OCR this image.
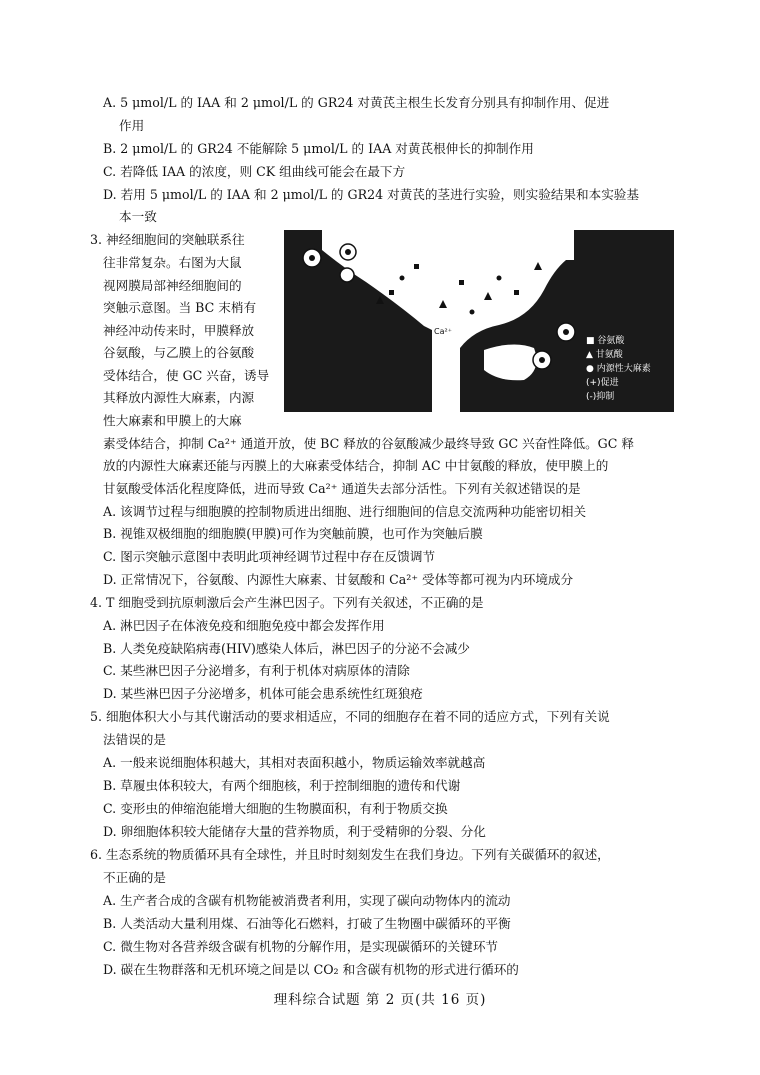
A. 5 μmol/L 的 IAA 和 2 μmol/L 的 GR24 对黄芪主根生长发育分别具有抑制作用、促进
作用
B. 2 μmol/L 的 GR24 不能解除 5 μmol/L 的 IAA 对黄芪根伸长的抑制作用
C. 若降低 IAA 的浓度，则 CK 组曲线可能会在最下方
D. 若用 5 μmol/L 的 IAA 和 2 μmol/L 的 GR24 对黄芪的茎进行实验，则实验结果和本实验基
本一致
3. 神经细胞间的突触联系往
往非常复杂。右图为大鼠
视网膜局部神经细胞间的
突触示意图。当 BC 末梢有
神经冲动传来时，甲膜释放
谷氨酸，与乙膜上的谷氨酸
受体结合，使 GC 兴奋，诱导
其释放内源性大麻素，内源
性大麻素和甲膜上的大麻
Ca²⁺
■ 谷氨酸
▲ 甘氨酸
● 内源性大麻素
(+)促进
(-)抑制
素受体结合，抑制 Ca²⁺ 通道开放，使 BC 释放的谷氨酸减少最终导致 GC 兴奋性降低。GC 释
放的内源性大麻素还能与丙膜上的大麻素受体结合，抑制 AC 中甘氨酸的释放，使甲膜上的
甘氨酸受体活化程度降低，进而导致 Ca²⁺ 通道失去部分活性。下列有关叙述错误的是
A. 该调节过程与细胞膜的控制物质进出细胞、进行细胞间的信息交流两种功能密切相关
B. 视锥双极细胞的细胞膜(甲膜)可作为突触前膜，也可作为突触后膜
C. 图示突触示意图中表明此项神经调节过程中存在反馈调节
D. 正常情况下，谷氨酸、内源性大麻素、甘氨酸和 Ca²⁺ 受体等都可视为内环境成分
4. T 细胞受到抗原刺激后会产生淋巴因子。下列有关叙述，不正确的是
A. 淋巴因子在体液免疫和细胞免疫中都会发挥作用
B. 人类免疫缺陷病毒(HIV)感染人体后，淋巴因子的分泌不会减少
C. 某些淋巴因子分泌增多，有利于机体对病原体的清除
D. 某些淋巴因子分泌增多，机体可能会患系统性红斑狼疮
5. 细胞体积大小与其代谢活动的要求相适应，不同的细胞存在着不同的适应方式，下列有关说
法错误的是
A. 一般来说细胞体积越大，其相对表面积越小，物质运输效率就越高
B. 草履虫体积较大，有两个细胞核，利于控制细胞的遗传和代谢
C. 变形虫的伸缩泡能增大细胞的生物膜面积，有利于物质交换
D. 卵细胞体积较大能储存大量的营养物质，利于受精卵的分裂、分化
6. 生态系统的物质循环具有全球性，并且时时刻刻发生在我们身边。下列有关碳循环的叙述，
不正确的是
A. 生产者合成的含碳有机物能被消费者利用，实现了碳向动物体内的流动
B. 人类活动大量利用煤、石油等化石燃料，打破了生物圈中碳循环的平衡
C. 微生物对各营养级含碳有机物的分解作用，是实现碳循环的关键环节
D. 碳在生物群落和无机环境之间是以 CO₂ 和含碳有机物的形式进行循环的
理科综合试题 第 2 页(共 16 页)
